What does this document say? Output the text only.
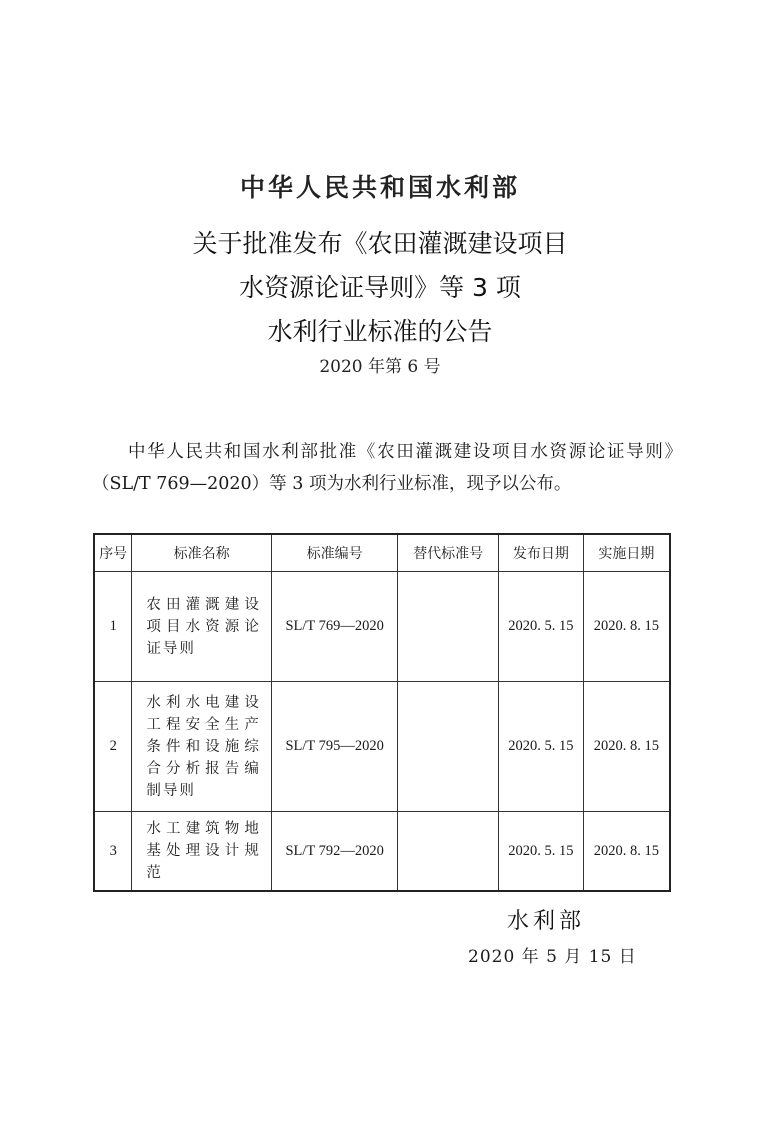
中华人民共和国水利部
关于批准发布《农田灌溉建设项目
水资源论证导则》等 3 项
水利行业标准的公告
2020 年第 6 号
中华人民共和国水利部批准《农田灌溉建设项目水资源论证导则》（SL/T 769—2020）等 3 项为水利行业标准，现予以公布。
序号	标准名称	标准编号	替代标准号	发布日期	实施日期
1	农田灌溉建设项目水资源论证导则	SL/T 769—2020		2020. 5. 15	2020. 8. 15
2	水利水电建设工程安全生产条件和设施综合分析报告编制导则	SL/T 795—2020		2020. 5. 15	2020. 8. 15
3	水工建筑物地基处理设计规范	SL/T 792—2020		2020. 5. 15	2020. 8. 15
水利部
2020 年 5 月 15 日
